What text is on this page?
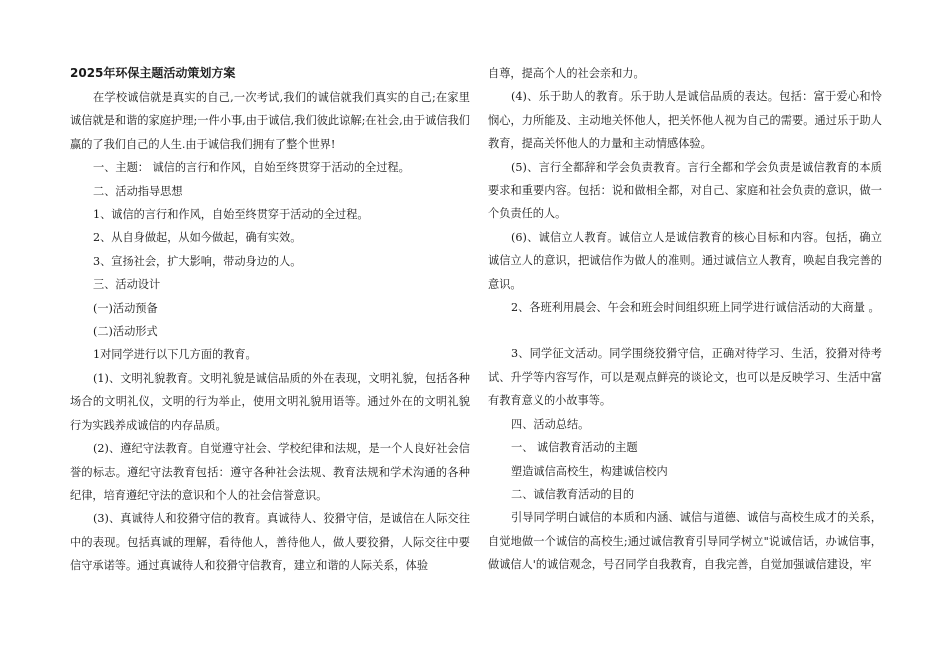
2025年环保主题活动策划方案

在学校诚信就是真实的自己,一次考试,我们的诚信就我们真实的自己;在家里诚信就是和谐的家庭护理;一件小事,由于诚信,我们彼此谅解;在社会,由于诚信我们赢的了我们自己的人生.由于诚信我们拥有了整个世界!

一、主题： 诚信的言行和作风，自始至终贯穿于活动的全过程。

二、活动指导思想

1、诚信的言行和作风，自始至终贯穿于活动的全过程。

2、从自身做起，从如今做起，确有实效。

3、宣扬社会，扩大影响，带动身边的人。

三、活动设计

(一)活动预备

(二)活动形式

1对同学进行以下几方面的教育。

(1)、文明礼貌教育。文明礼貌是诚信品质的外在表现，文明礼貌，包括各种场合的文明礼仪，文明的行为举止，使用文明礼貌用语等。通过外在的文明礼貌行为实践养成诚信的内存品质。

(2)、遵纪守法教育。自觉遵守社会、学校纪律和法规，是一个人良好社会信誉的标志。遵纪守法教育包括：遵守各种社会法规、教育法规和学术沟通的各种纪律，培育遵纪守法的意识和个人的社会信誉意识。

(3)、真诚待人和狡猾守信的教育。真诚待人、狡猾守信，是诚信在人际交往中的表现。包括真诚的理解，看待他人，善待他人，做人要狡猾，人际交往中要信守承诺等。通过真诚待人和狡猾守信教育，建立和谐的人际关系，体验

自尊，提高个人的社会亲和力。

(4)、乐于助人的教育。乐于助人是诚信品质的表达。包括：富于爱心和怜悯心，力所能及、主动地关怀他人，把关怀他人视为自己的需要。通过乐于助人教育，提高关怀他人的力量和主动情感体验。

(5)、言行全都辞和学会负责教育。言行全都和学会负责是诚信教育的本质要求和重要内容。包括：说和做相全都，对自己、家庭和社会负责的意识，做一个负责任的人。

(6)、诚信立人教育。诚信立人是诚信教育的核心目标和内容。包括，确立诚信立人的意识，把诚信作为做人的准则。通过诚信立人教育，唤起自我完善的意识。

2、各班利用晨会、午会和班会时间组织班上同学进行诚信活动的大商量 。

3、同学征文活动。同学围绕狡猾守信，正确对待学习、生活，狡猾对待考试、升学等内容写作，可以是观点鲜亮的谈论文，也可以是反映学习、生活中富有教育意义的小故事等。

四、活动总结。

一、 诚信教育活动的主题

塑造诚信高校生，构建诚信校内

二、诚信教育活动的目的

引导同学明白诚信的本质和内涵、诚信与道德、诚信与高校生成才的关系，自觉地做一个诚信的高校生;通过诚信教育引导同学树立"说诚信话，办诚信事，做诚信人'的诚信观念，号召同学自我教育，自我完善，自觉加强诚信建设，牢
